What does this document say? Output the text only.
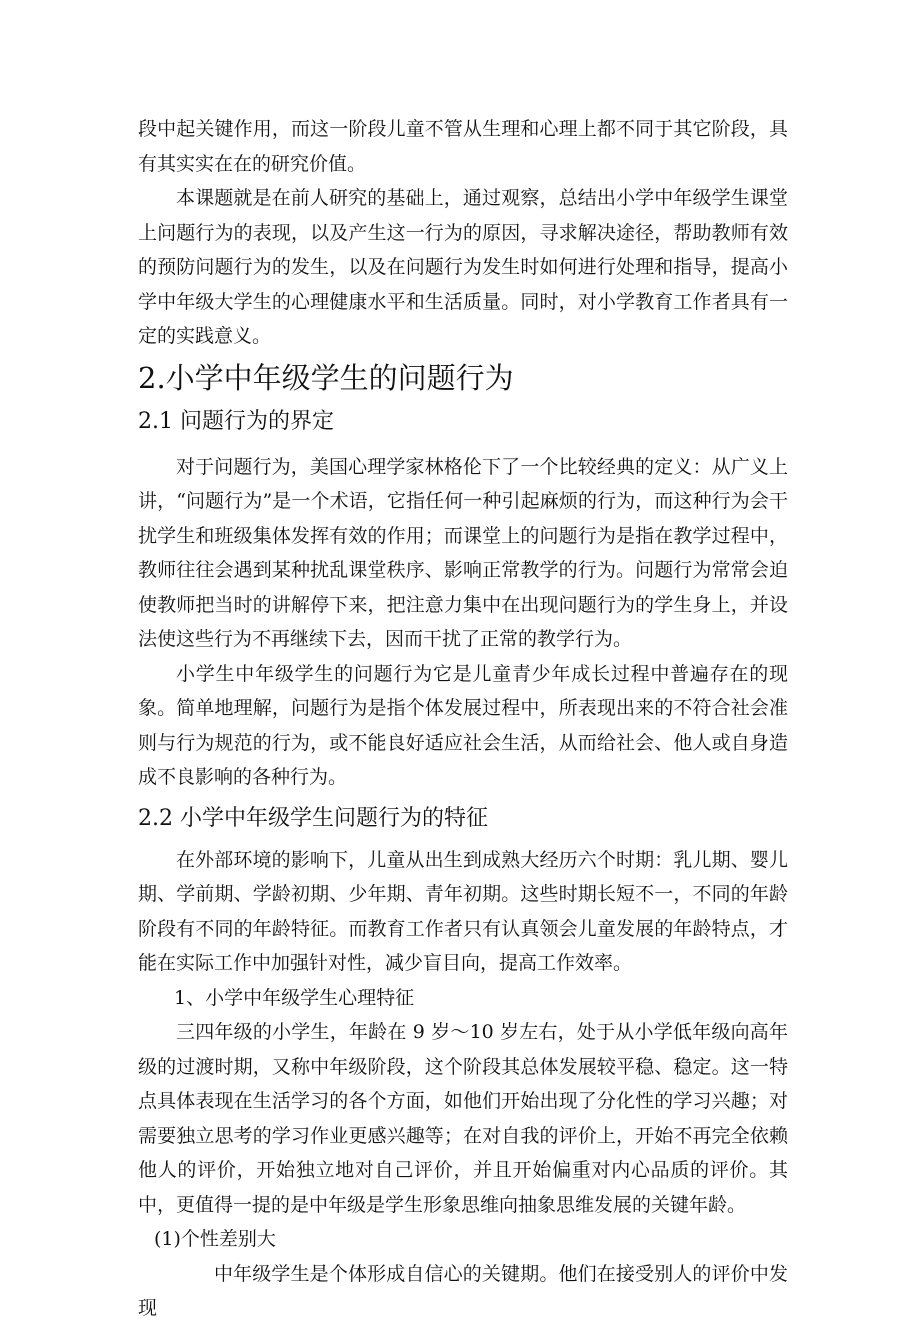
段中起关键作用，而这一阶段儿童不管从生理和心理上都不同于其它阶段，具有其实实在在的研究价值。

本课题就是在前人研究的基础上，通过观察，总结出小学中年级学生课堂上问题行为的表现，以及产生这一行为的原因，寻求解决途径，帮助教师有效的预防问题行为的发生，以及在问题行为发生时如何进行处理和指导，提高小学中年级大学生的心理健康水平和生活质量。同时，对小学教育工作者具有一定的实践意义。

2.小学中年级学生的问题行为
2.1 问题行为的界定

对于问题行为，美国心理学家林格伦下了一个比较经典的定义：从广义上讲，“问题行为”是一个术语，它指任何一种引起麻烦的行为，而这种行为会干扰学生和班级集体发挥有效的作用；而课堂上的问题行为是指在教学过程中，教师往往会遇到某种扰乱课堂秩序、影响正常教学的行为。问题行为常常会迫使教师把当时的讲解停下来，把注意力集中在出现问题行为的学生身上，并设法使这些行为不再继续下去，因而干扰了正常的教学行为。

小学生中年级学生的问题行为它是儿童青少年成长过程中普遍存在的现象。简单地理解，问题行为是指个体发展过程中，所表现出来的不符合社会准则与行为规范的行为，或不能良好适应社会生活，从而给社会、他人或自身造成不良影响的各种行为。

2.2 小学中年级学生问题行为的特征

在外部环境的影响下，儿童从出生到成熟大经历六个时期：乳儿期、婴儿期、学前期、学龄初期、少年期、青年初期。这些时期长短不一，不同的年龄阶段有不同的年龄特征。而教育工作者只有认真领会儿童发展的年龄特点，才能在实际工作中加强针对性，减少盲目向，提高工作效率。

1、小学中年级学生心理特征

三四年级的小学生，年龄在 9 岁～10 岁左右，处于从小学低年级向高年级的过渡时期，又称中年级阶段，这个阶段其总体发展较平稳、稳定。这一特点具体表现在生活学习的各个方面，如他们开始出现了分化性的学习兴趣；对需要独立思考的学习作业更感兴趣等；在对自我的评价上，开始不再完全依赖他人的评价，开始独立地对自己评价，并且开始偏重对内心品质的评价。其中，更值得一提的是中年级是学生形象思维向抽象思维发展的关键年龄。

(1)个性差别大

中年级学生是个体形成自信心的关键期。他们在接受别人的评价中发现
